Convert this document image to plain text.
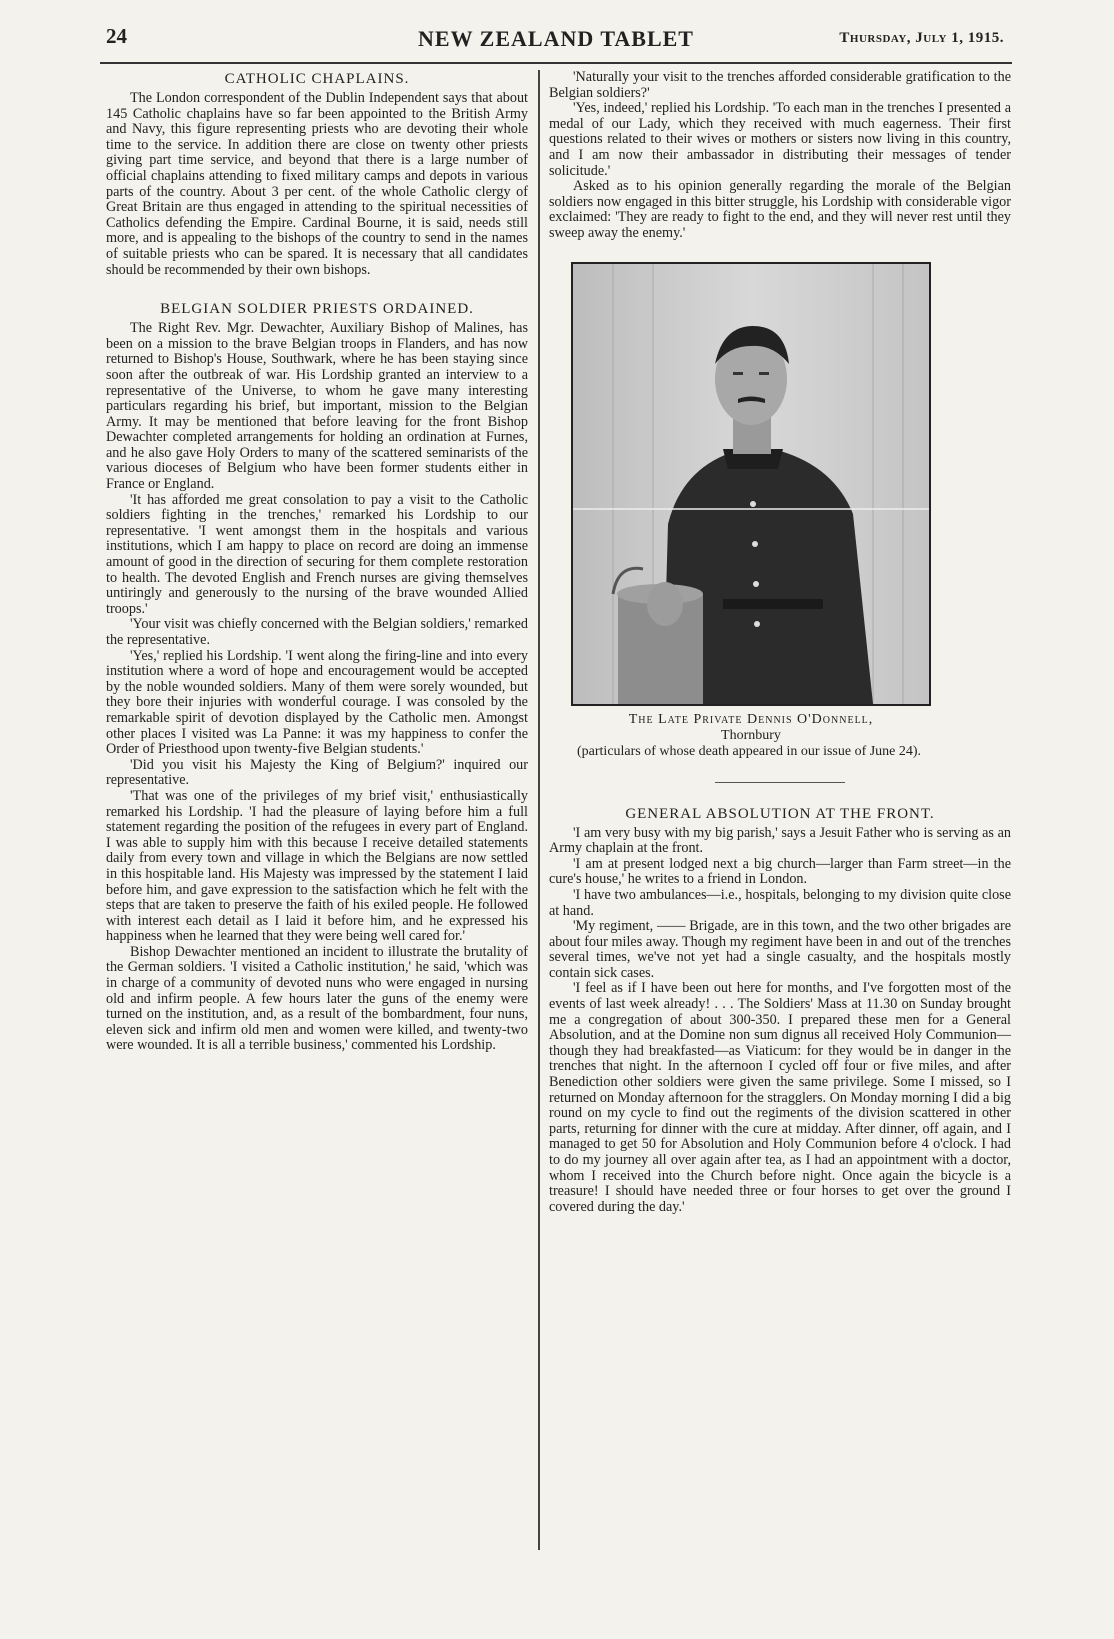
24	NEW ZEALAND TABLET	Thursday, July 1, 1915.
CATHOLIC CHAPLAINS.

The London correspondent of the Dublin Independent says that about 145 Catholic chaplains have so far been appointed to the British Army and Navy, this figure representing priests who are devoting their whole time to the service. In addition there are close on twenty other priests giving part time service, and beyond that there is a large number of official chaplains attending to fixed military camps and depots in various parts of the country. About 3 per cent. of the whole Catholic clergy of Great Britain are thus engaged in attending to the spiritual necessities of Catholics defending the Empire. Cardinal Bourne, it is said, needs still more, and is appealing to the bishops of the country to send in the names of suitable priests who can be spared. It is necessary that all candidates should be recommended by their own bishops.

BELGIAN SOLDIER PRIESTS ORDAINED.

The Right Rev. Mgr. Dewachter, Auxiliary Bishop of Malines, has been on a mission to the brave Belgian troops in Flanders, and has now returned to Bishop's House, Southwark, where he has been staying since soon after the outbreak of war. His Lordship granted an interview to a representative of the Universe, to whom he gave many interesting particulars regarding his brief, but important, mission to the Belgian Army. It may be mentioned that before leaving for the front Bishop Dewachter completed arrangements for holding an ordination at Furnes, and he also gave Holy Orders to many of the scattered seminarists of the various dioceses of Belgium who have been former students either in France or England.

'It has afforded me great consolation to pay a visit to the Catholic soldiers fighting in the trenches,' remarked his Lordship to our representative. 'I went amongst them in the hospitals and various institutions, which I am happy to place on record are doing an immense amount of good in the direction of securing for them complete restoration to health. The devoted English and French nurses are giving themselves untiringly and generously to the nursing of the brave wounded Allied troops.'

'Your visit was chiefly concerned with the Belgian soldiers,' remarked the representative.

'Yes,' replied his Lordship. 'I went along the firing-line and into every institution where a word of hope and encouragement would be accepted by the noble wounded soldiers. Many of them were sorely wounded, but they bore their injuries with wonderful courage. I was consoled by the remarkable spirit of devotion displayed by the Catholic men. Amongst other places I visited was La Panne: it was my happiness to confer the Order of Priesthood upon twenty-five Belgian students.'

'Did you visit his Majesty the King of Belgium?' inquired our representative.

'That was one of the privileges of my brief visit,' enthusiastically remarked his Lordship. 'I had the pleasure of laying before him a full statement regarding the position of the refugees in every part of England. I was able to supply him with this because I receive detailed statements daily from every town and village in which the Belgians are now settled in this hospitable land. His Majesty was impressed by the statement I laid before him, and gave expression to the satisfaction which he felt with the steps that are taken to preserve the faith of his exiled people. He followed with interest each detail as I laid it before him, and he expressed his happiness when he learned that they were being well cared for.'

Bishop Dewachter mentioned an incident to illustrate the brutality of the German soldiers. 'I visited a Catholic institution,' he said, 'which was in charge of a community of devoted nuns who were engaged in nursing old and infirm people. A few hours later the guns of the enemy were turned on the institution, and, as a result of the bombardment, four nuns, eleven sick and infirm old men and women were killed, and twenty-two were wounded. It is all a terrible business,' commented his Lordship.

'Naturally your visit to the trenches afforded considerable gratification to the Belgian soldiers?'

'Yes, indeed,' replied his Lordship. 'To each man in the trenches I presented a medal of our Lady, which they received with much eagerness. Their first questions related to their wives or mothers or sisters now living in this country, and I am now their ambassador in distributing their messages of tender solicitude.'

Asked as to his opinion generally regarding the morale of the Belgian soldiers now engaged in this bitter struggle, his Lordship with considerable vigor exclaimed: 'They are ready to fight to the end, and they will never rest until they sweep away the enemy.'

The Late Private Dennis O'Donnell,
Thornbury
(particulars of whose death appeared in our issue of June 24).
GENERAL ABSOLUTION AT THE FRONT.

'I am very busy with my big parish,' says a Jesuit Father who is serving as an Army chaplain at the front.

'I am at present lodged next a big church—larger than Farm street—in the cure's house,' he writes to a friend in London.

'I have two ambulances—i.e., hospitals, belonging to my division quite close at hand.

'My regiment, —— Brigade, are in this town, and the two other brigades are about four miles away. Though my regiment have been in and out of the trenches several times, we've not yet had a single casualty, and the hospitals mostly contain sick cases.

'I feel as if I have been out here for months, and I've forgotten most of the events of last week already! . . . The Soldiers' Mass at 11.30 on Sunday brought me a congregation of about 300-350. I prepared these men for a General Absolution, and at the Domine non sum dignus all received Holy Communion—though they had breakfasted—as Viaticum: for they would be in danger in the trenches that night. In the afternoon I cycled off four or five miles, and after Benediction other soldiers were given the same privilege. Some I missed, so I returned on Monday afternoon for the stragglers. On Monday morning I did a big round on my cycle to find out the regiments of the division scattered in other parts, returning for dinner with the cure at midday. After dinner, off again, and I managed to get 50 for Absolution and Holy Communion before 4 o'clock. I had to do my journey all over again after tea, as I had an appointment with a doctor, whom I received into the Church before night. Once again the bicycle is a treasure! I should have needed three or four horses to get over the ground I covered during the day.'
